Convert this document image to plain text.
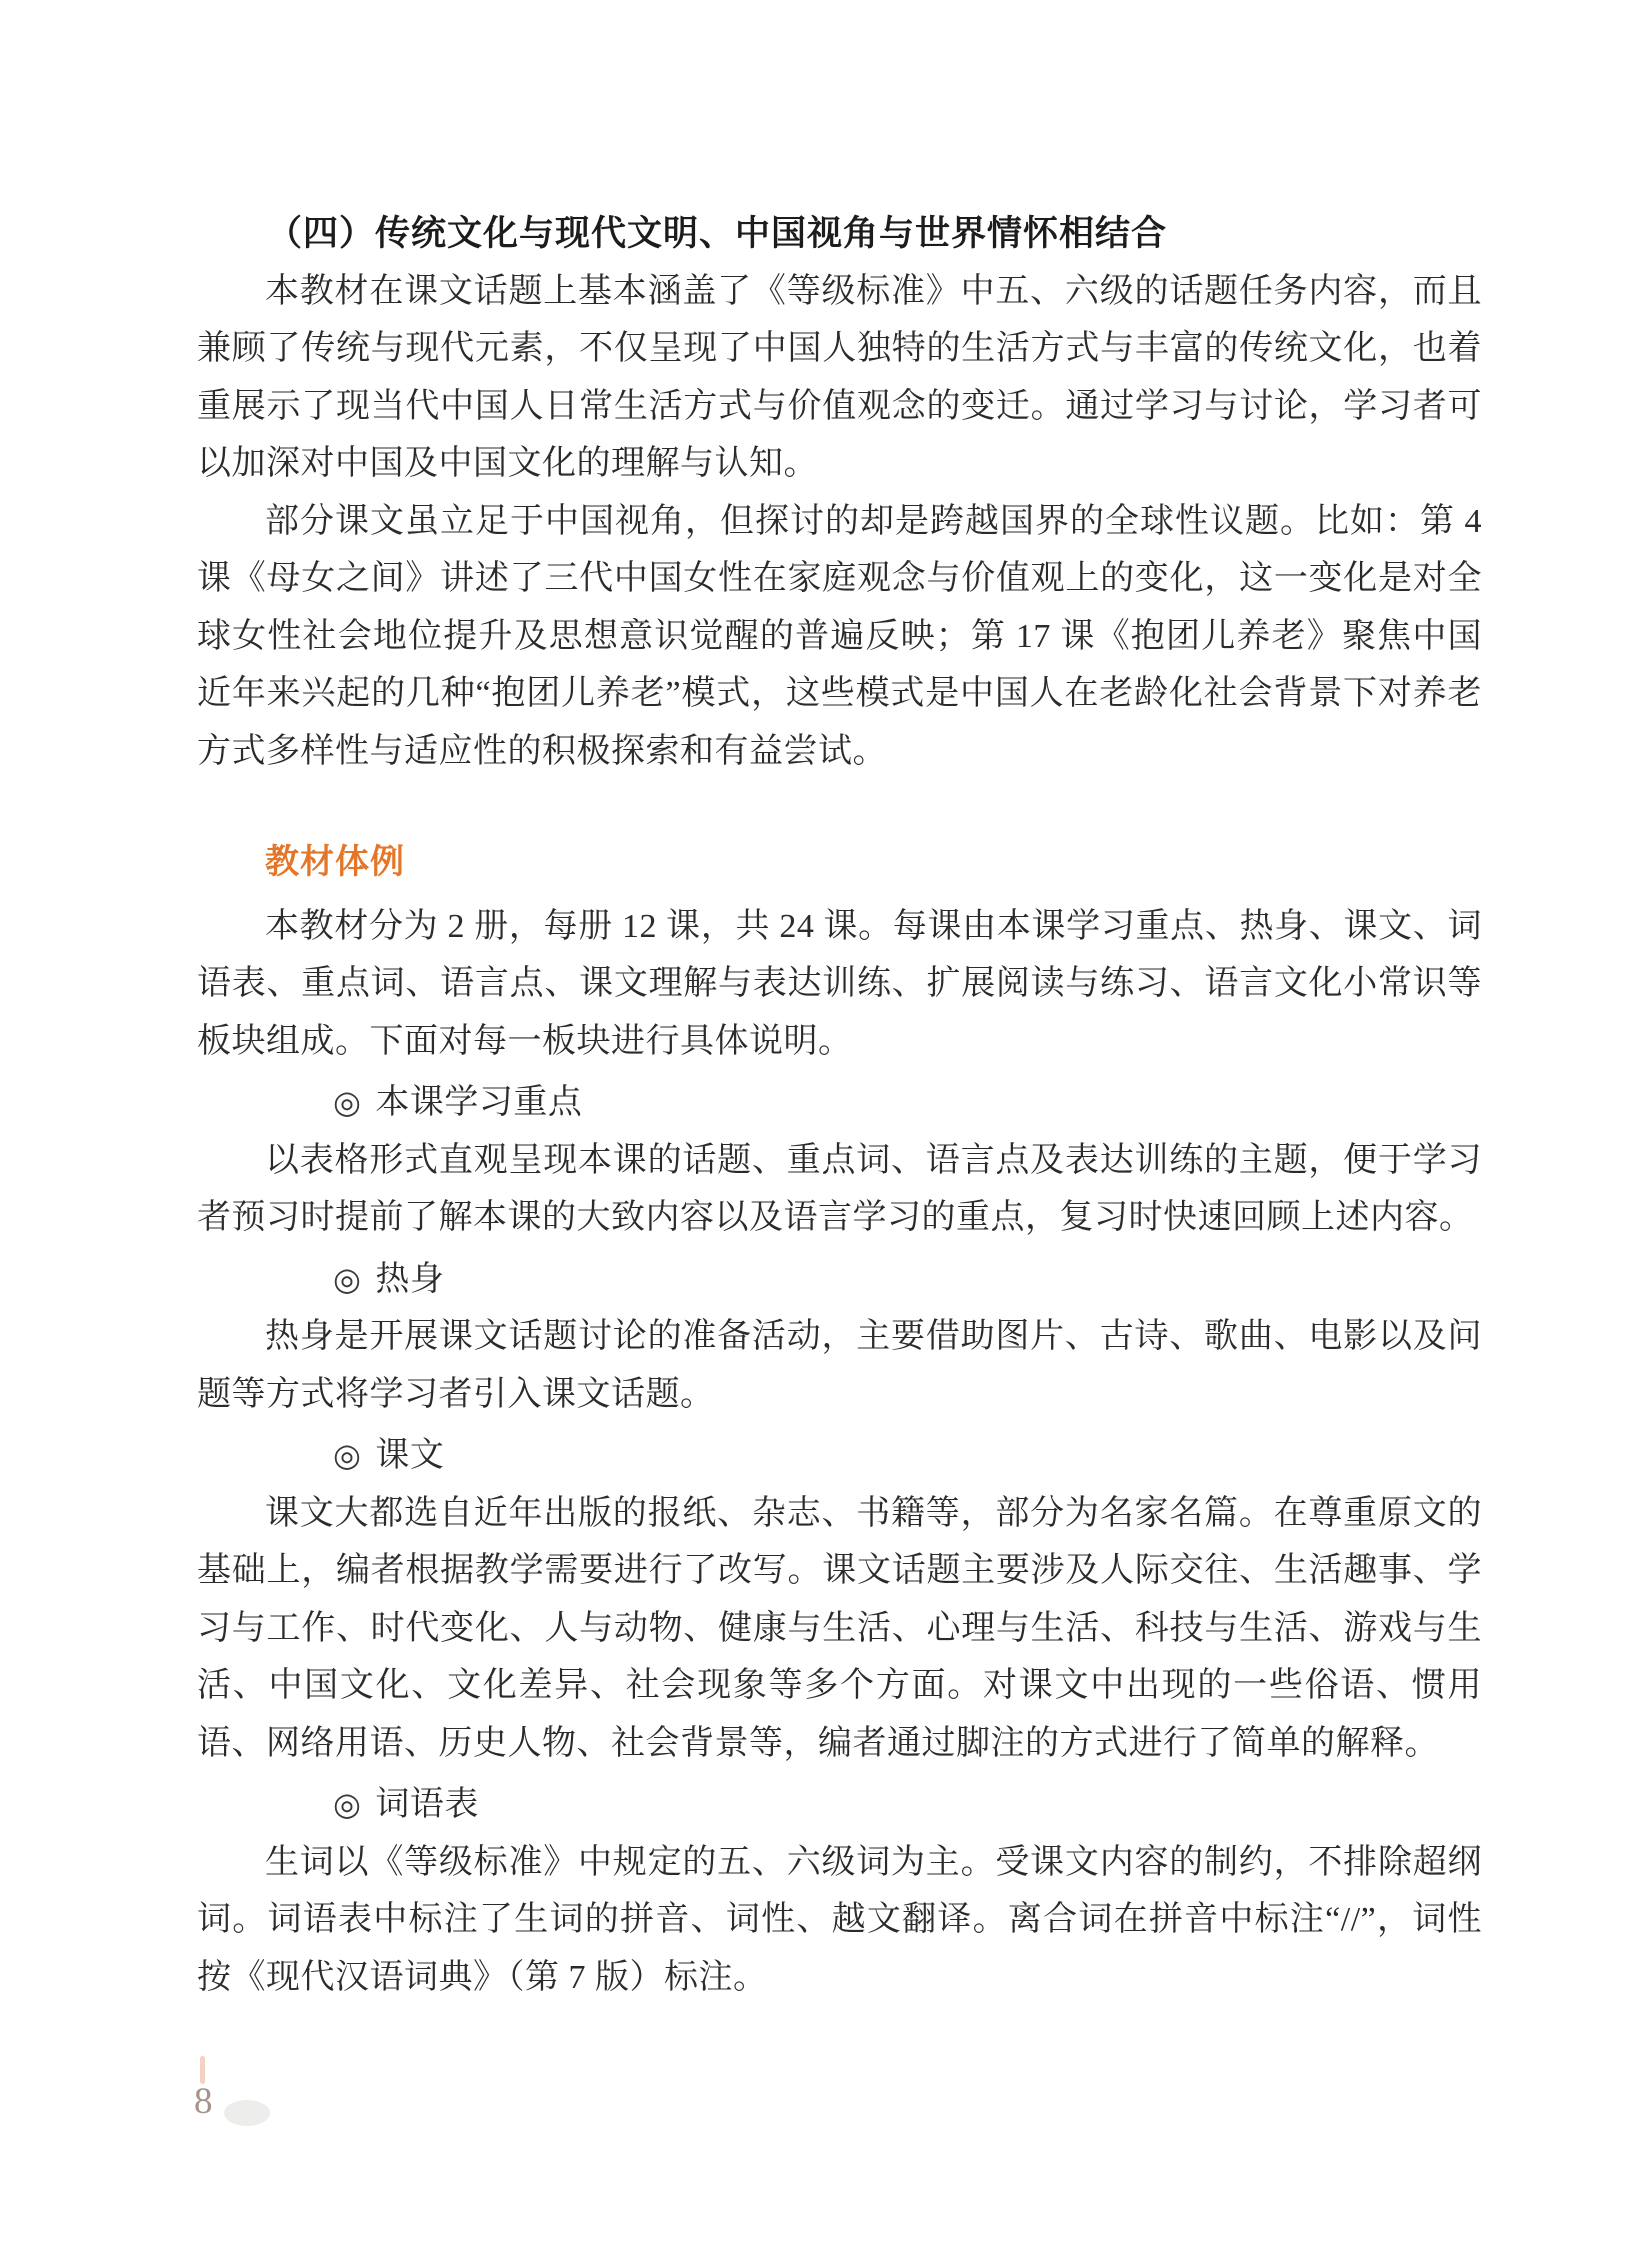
（四）传统文化与现代文明、中国视角与世界情怀相结合

本教材在课文话题上基本涵盖了《等级标准》中五、六级的话题任务内容，而且兼顾了传统与现代元素，不仅呈现了中国人独特的生活方式与丰富的传统文化，也着重展示了现当代中国人日常生活方式与价值观念的变迁。通过学习与讨论，学习者可以加深对中国及中国文化的理解与认知。

部分课文虽立足于中国视角，但探讨的却是跨越国界的全球性议题。比如：第 4 课《母女之间》讲述了三代中国女性在家庭观念与价值观上的变化，这一变化是对全球女性社会地位提升及思想意识觉醒的普遍反映；第 17 课《抱团儿养老》聚焦中国近年来兴起的几种“抱团儿养老”模式，这些模式是中国人在老龄化社会背景下对养老方式多样性与适应性的积极探索和有益尝试。

教材体例

本教材分为 2 册，每册 12 课，共 24 课。每课由本课学习重点、热身、课文、词语表、重点词、语言点、课文理解与表达训练、扩展阅读与练习、语言文化小常识等板块组成。下面对每一板块进行具体说明。

◎ 本课学习重点

以表格形式直观呈现本课的话题、重点词、语言点及表达训练的主题，便于学习者预习时提前了解本课的大致内容以及语言学习的重点，复习时快速回顾上述内容。

◎ 热身

热身是开展课文话题讨论的准备活动，主要借助图片、古诗、歌曲、电影以及问题等方式将学习者引入课文话题。

◎ 课文

课文大都选自近年出版的报纸、杂志、书籍等，部分为名家名篇。在尊重原文的基础上，编者根据教学需要进行了改写。课文话题主要涉及人际交往、生活趣事、学习与工作、时代变化、人与动物、健康与生活、心理与生活、科技与生活、游戏与生活、中国文化、文化差异、社会现象等多个方面。对课文中出现的一些俗语、惯用语、网络用语、历史人物、社会背景等，编者通过脚注的方式进行了简单的解释。

◎ 词语表

生词以《等级标准》中规定的五、六级词为主。受课文内容的制约，不排除超纲词。词语表中标注了生词的拼音、词性、越文翻译。离合词在拼音中标注“//”，词性按《现代汉语词典》（第 7 版）标注。

8
